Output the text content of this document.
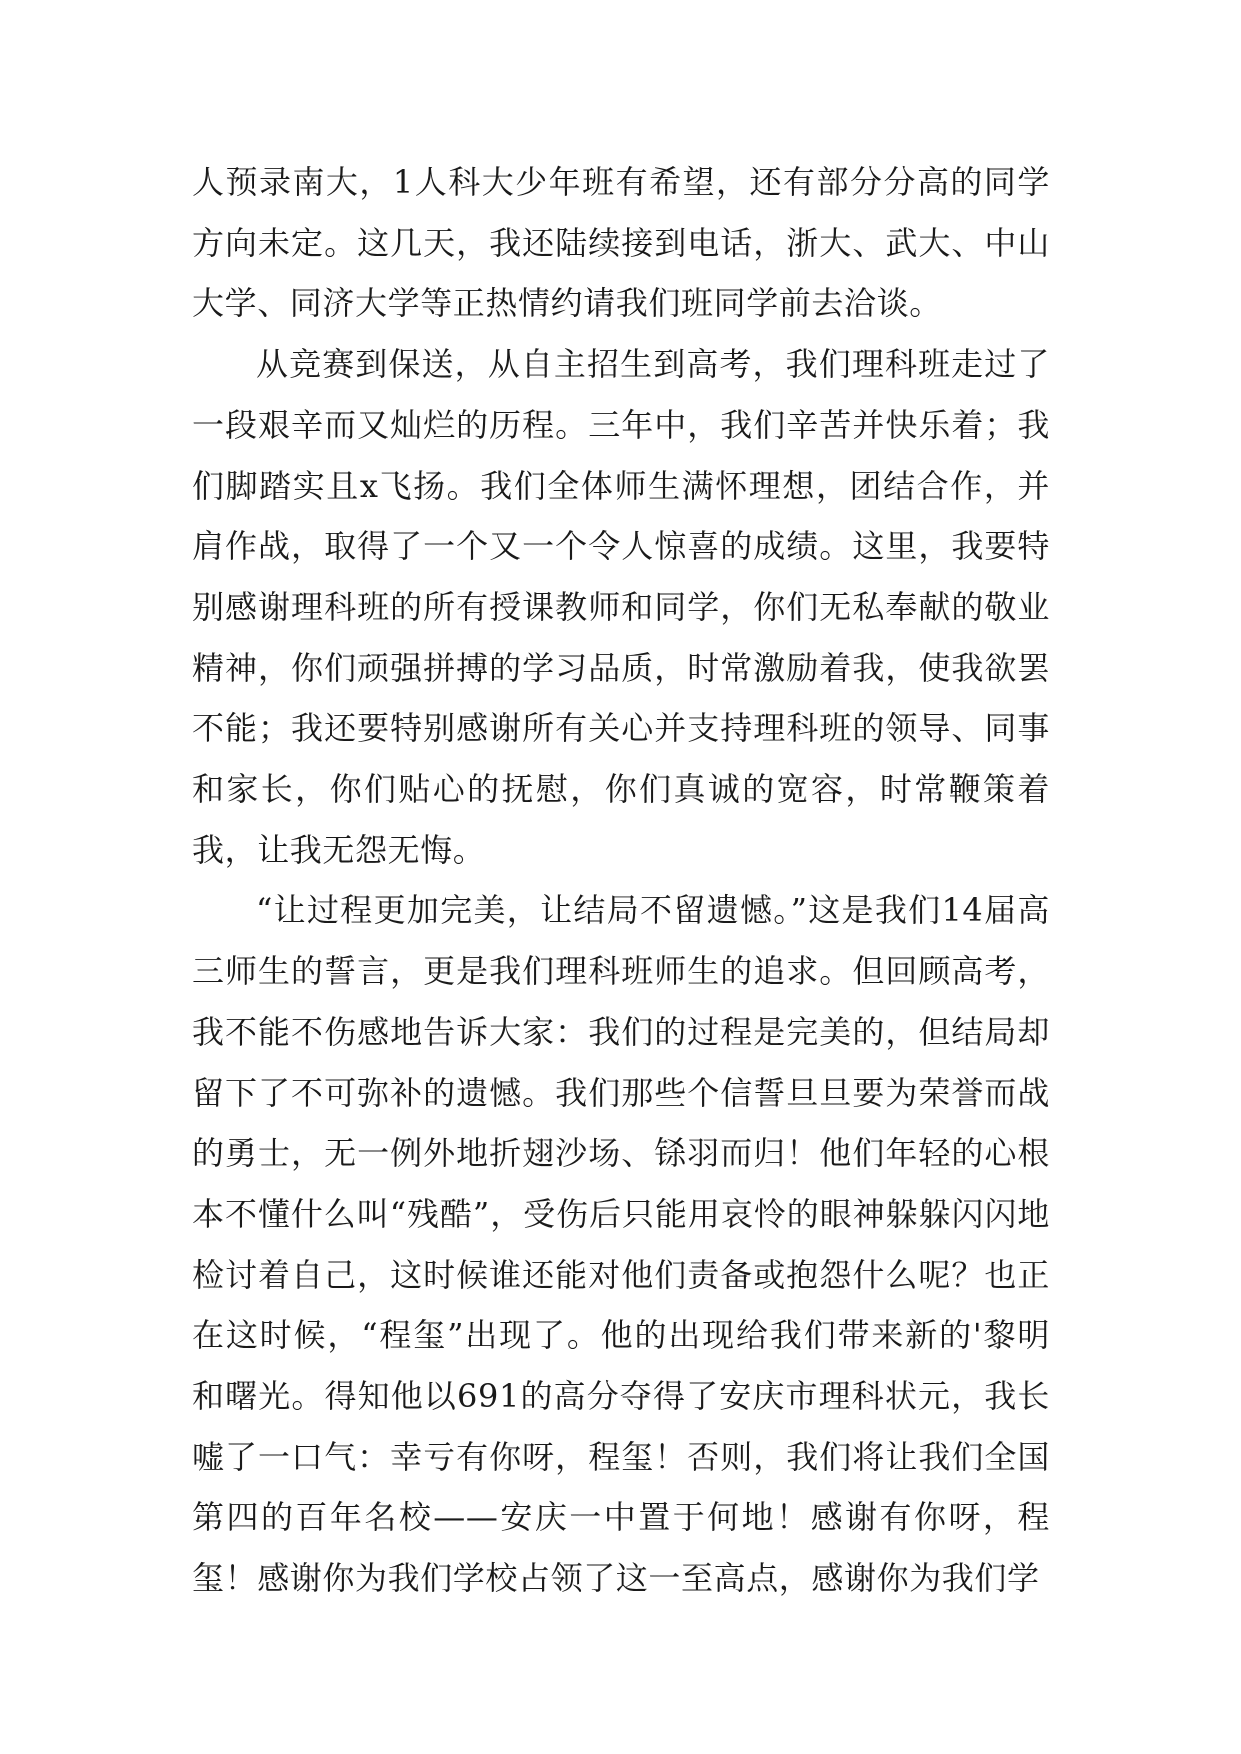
人预录南大，1人科大少年班有希望，还有部分分高的同学方向未定。这几天，我还陆续接到电话，浙大、武大、中山大学、同济大学等正热情约请我们班同学前去洽谈。

从竞赛到保送，从自主招生到高考，我们理科班走过了一段艰辛而又灿烂的历程。三年中，我们辛苦并快乐着；我们脚踏实且x飞扬。我们全体师生满怀理想，团结合作，并肩作战，取得了一个又一个令人惊喜的成绩。这里，我要特别感谢理科班的所有授课教师和同学，你们无私奉献的敬业精神，你们顽强拼搏的学习品质，时常激励着我，使我欲罢不能；我还要特别感谢所有关心并支持理科班的领导、同事和家长，你们贴心的抚慰，你们真诚的宽容，时常鞭策着我，让我无怨无悔。

“让过程更加完美，让结局不留遗憾。”这是我们14届高三师生的誓言，更是我们理科班师生的追求。但回顾高考，我不能不伤感地告诉大家：我们的过程是完美的，但结局却留下了不可弥补的遗憾。我们那些个信誓旦旦要为荣誉而战的勇士，无一例外地折翅沙场、铩羽而归！他们年轻的心根本不懂什么叫“残酷”，受伤后只能用哀怜的眼神躲躲闪闪地检讨着自己，这时候谁还能对他们责备或抱怨什么呢？也正在这时候，“程玺”出现了。他的出现给我们带来新的'黎明和曙光。得知他以691的高分夺得了安庆市理科状元，我长嘘了一口气：幸亏有你呀，程玺！否则，我们将让我们全国第四的百年名校——安庆一中置于何地！感谢有你呀，程玺！感谢你为我们学校占领了这一至高点，感谢你为我们学
